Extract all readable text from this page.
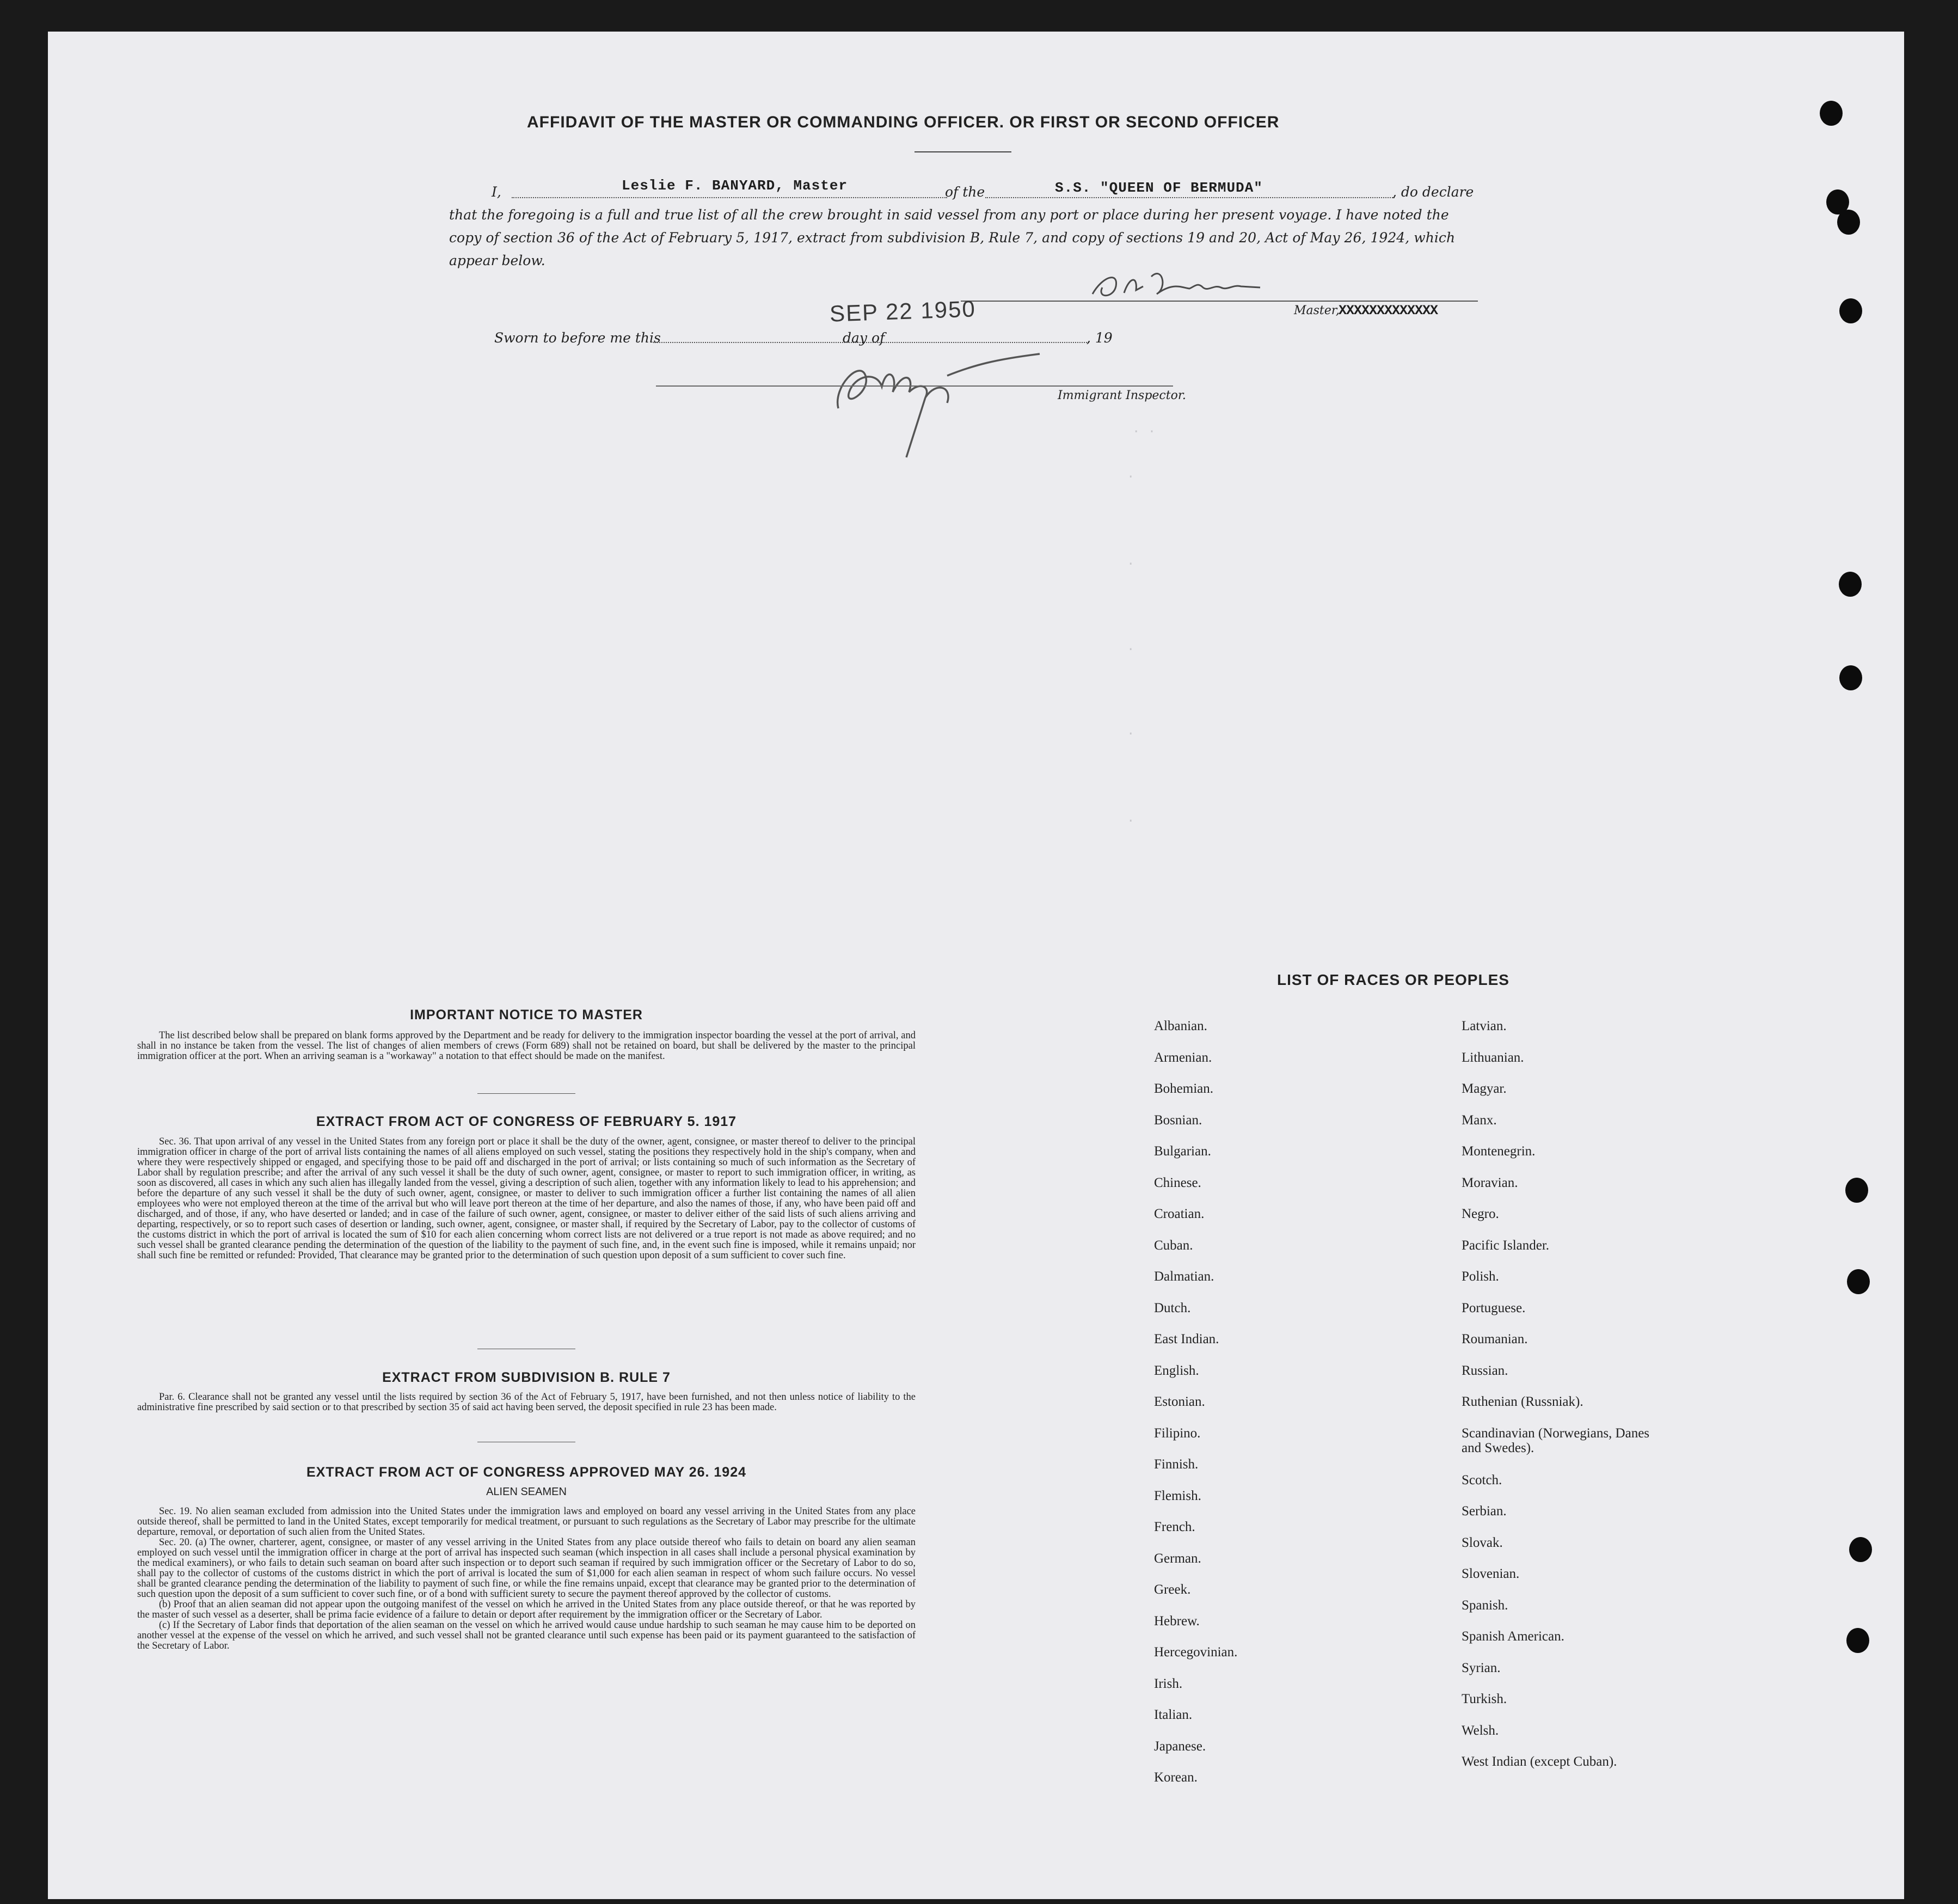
. .
.
.
.
.
.
AFFIDAVIT OF THE MASTER OR COMMANDING OFFICER. OR FIRST OR SECOND OFFICER
I,	Leslie F. BANYARD, Master	of the	S.S. "QUEEN OF BERMUDA"	, do declare
that the foregoing is a full and true list of all the crew brought in said vessel from any port or place during her present voyage. I have noted the
copy of section 36 of the Act of February 5, 1917, extract from subdivision B, Rule 7, and copy of sections 19 and 20, Act of May 26, 1924, which
appear below.
Master,
XXXXXXXXXXXXX
Sworn to before me this
SEP 22 1950
day of	, 19
Immigrant Inspector.
IMPORTANT NOTICE TO MASTER

The list described below shall be prepared on blank forms approved by the Department and be ready for delivery to the immigration inspector boarding the vessel at the port of arrival, and shall in no instance be taken from the vessel. The list of changes of alien members of crews (Form 689) shall not be retained on board, but shall be delivered by the master to the principal immigration officer at the port. When an arriving seaman is a "workaway" a notation to that effect should be made on the manifest.

EXTRACT FROM ACT OF CONGRESS OF FEBRUARY 5. 1917

Sec. 36. That upon arrival of any vessel in the United States from any foreign port or place it shall be the duty of the owner, agent, consignee, or master thereof to deliver to the principal immigration officer in charge of the port of arrival lists containing the names of all aliens employed on such vessel, stating the positions they respectively hold in the ship's company, when and where they were respectively shipped or engaged, and specifying those to be paid off and discharged in the port of arrival; or lists containing so much of such information as the Secretary of Labor shall by regulation prescribe; and after the arrival of any such vessel it shall be the duty of such owner, agent, consignee, or master to report to such immigration officer, in writing, as soon as discovered, all cases in which any such alien has illegally landed from the vessel, giving a description of such alien, together with any information likely to lead to his apprehension; and before the departure of any such vessel it shall be the duty of such owner, agent, consignee, or master to deliver to such immigration officer a further list containing the names of all alien employees who were not employed thereon at the time of the arrival but who will leave port thereon at the time of her departure, and also the names of those, if any, who have been paid off and discharged, and of those, if any, who have deserted or landed; and in case of the failure of such owner, agent, consignee, or master to deliver either of the said lists of such aliens arriving and departing, respectively, or so to report such cases of desertion or landing, such owner, agent, consignee, or master shall, if required by the Secretary of Labor, pay to the collector of customs of the customs district in which the port of arrival is located the sum of $10 for each alien concerning whom correct lists are not delivered or a true report is not made as above required; and no such vessel shall be granted clearance pending the determination of the question of the liability to the payment of such fine, and, in the event such fine is imposed, while it remains unpaid; nor shall such fine be remitted or refunded: Provided, That clearance may be granted prior to the determination of such question upon deposit of a sum sufficient to cover such fine.

EXTRACT FROM SUBDIVISION B. RULE 7

Par. 6. Clearance shall not be granted any vessel until the lists required by section 36 of the Act of February 5, 1917, have been furnished, and not then unless notice of liability to the administrative fine prescribed by said section or to that prescribed by section 35 of said act having been served, the deposit specified in rule 23 has been made.

EXTRACT FROM ACT OF CONGRESS APPROVED MAY 26. 1924
ALIEN SEAMEN

Sec. 19. No alien seaman excluded from admission into the United States under the immigration laws and employed on board any vessel arriving in the United States from any place outside thereof, shall be permitted to land in the United States, except temporarily for medical treatment, or pursuant to such regulations as the Secretary of Labor may prescribe for the ultimate departure, removal, or deportation of such alien from the United States.

Sec. 20. (a) The owner, charterer, agent, consignee, or master of any vessel arriving in the United States from any place outside thereof who fails to detain on board any alien seaman employed on such vessel until the immigration officer in charge at the port of arrival has inspected such seaman (which inspection in all cases shall include a personal physical examination by the medical examiners), or who fails to detain such seaman on board after such inspection or to deport such seaman if required by such immigration officer or the Secretary of Labor to do so, shall pay to the collector of customs of the customs district in which the port of arrival is located the sum of $1,000 for each alien seaman in respect of whom such failure occurs. No vessel shall be granted clearance pending the determination of the liability to payment of such fine, or while the fine remains unpaid, except that clearance may be granted prior to the determination of such question upon the deposit of a sum sufficient to cover such fine, or of a bond with sufficient surety to secure the payment thereof approved by the collector of customs.

(b) Proof that an alien seaman did not appear upon the outgoing manifest of the vessel on which he arrived in the United States from any place outside thereof, or that he was reported by the master of such vessel as a deserter, shall be prima facie evidence of a failure to detain or deport after requirement by the immigration officer or the Secretary of Labor.

(c) If the Secretary of Labor finds that deportation of the alien seaman on the vessel on which he arrived would cause undue hardship to such seaman he may cause him to be deported on another vessel at the expense of the vessel on which he arrived, and such vessel shall not be granted clearance until such expense has been paid or its payment guaranteed to the satisfaction of the Secretary of Labor.

LIST OF RACES OR PEOPLES
Albanian.
Armenian.
Bohemian.
Bosnian.
Bulgarian.
Chinese.
Croatian.
Cuban.
Dalmatian.
Dutch.
East Indian.
English.
Estonian.
Filipino.
Finnish.
Flemish.
French.
German.
Greek.
Hebrew.
Hercegovinian.
Irish.
Italian.
Japanese.
Korean.
Latvian.
Lithuanian.
Magyar.
Manx.
Montenegrin.
Moravian.
Negro.
Pacific Islander.
Polish.
Portuguese.
Roumanian.
Russian.
Ruthenian (Russniak).
Scandinavian (Norwegians, Danes and Swedes).
Scotch.
Serbian.
Slovak.
Slovenian.
Spanish.
Spanish American.
Syrian.
Turkish.
Welsh.
West Indian (except Cuban).
